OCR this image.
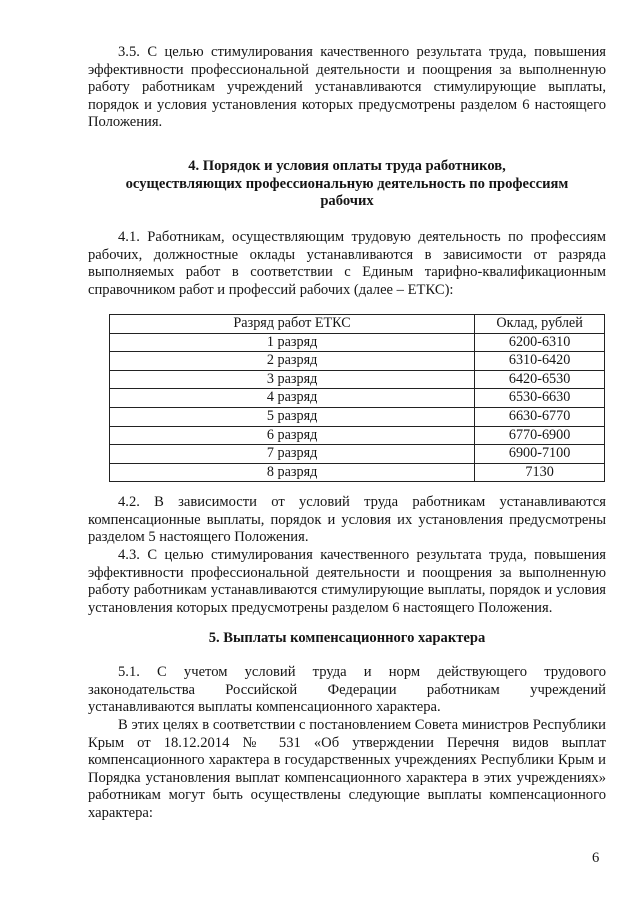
3.5. С целью стимулирования качественного результата труда, повышения эффективности профессиональной деятельности и поощрения за выполненную работу работникам учреждений устанавливаются стимулирующие выплаты, порядок и условия установления которых предусмотрены разделом 6 настоящего Положения.

4. Порядок и условия оплаты труда работников,
осуществляющих профессиональную деятельность по профессиям
рабочих

4.1. Работникам, осуществляющим трудовую деятельность по профессиям рабочих, должностные оклады устанавливаются в зависимости от разряда выполняемых работ в соответствии с Единым тарифно-квалификационным справочником работ и профессий рабочих (далее – ЕТКС):

Разряд работ ЕТКС	Оклад, рублей
1 разряд	6200-6310
2 разряд	6310-6420
3 разряд	6420-6530
4 разряд	6530-6630
5 разряд	6630-6770
6 разряд	6770-6900
7 разряд	6900-7100
8 разряд	7130

4.2. В зависимости от условий труда работникам устанавливаются компенсационные выплаты, порядок и условия их установления предусмотрены разделом 5 настоящего Положения.

4.3. С целью стимулирования качественного результата труда, повышения эффективности профессиональной деятельности и поощрения за выполненную работу работникам устанавливаются стимулирующие выплаты, порядок и условия установления которых предусмотрены разделом 6 настоящего Положения.

5. Выплаты компенсационного характера

5.1. С учетом условий труда и норм действующего трудового законодательства Российской Федерации работникам учреждений устанавливаются выплаты компенсационного характера.

В этих целях в соответствии с постановлением Совета министров Республики Крым от 18.12.2014 № 531 «Об утверждении Перечня видов выплат компенсационного характера в государственных учреждениях Республики Крым и Порядка установления выплат компенсационного характера в этих учреждениях» работникам могут быть осуществлены следующие выплаты компенсационного характера:

6
